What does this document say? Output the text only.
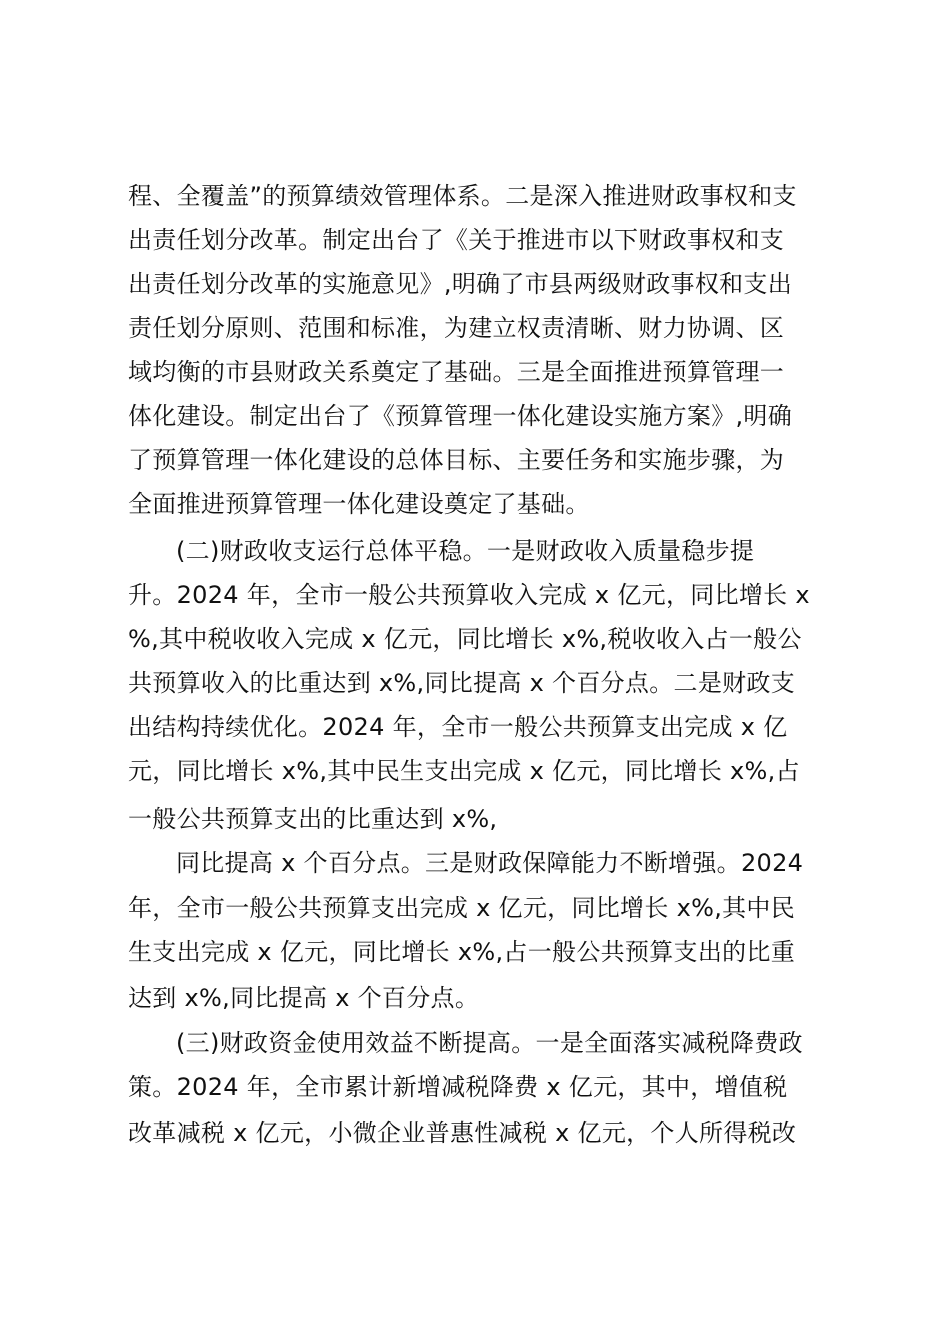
程、全覆盖”的预算绩效管理体系。二是深入推进财政事权和支
出责任划分改革。制定出台了《关于推进市以下财政事权和支
出责任划分改革的实施意见》,明确了市县两级财政事权和支出
责任划分原则、范围和标准，为建立权责清晰、财力协调、区
域均衡的市县财政关系奠定了基础。三是全面推进预算管理一
体化建设。制定出台了《预算管理一体化建设实施方案》,明确
了预算管理一体化建设的总体目标、主要任务和实施步骤，为
全面推进预算管理一体化建设奠定了基础。
(二)财政收支运行总体平稳。一是财政收入质量稳步提
升。2024 年，全市一般公共预算收入完成 x 亿元，同比增长 x
%,其中税收收入完成 x 亿元，同比增长 x%,税收收入占一般公
共预算收入的比重达到 x%,同比提高 x 个百分点。二是财政支
出结构持续优化。2024 年，全市一般公共预算支出完成 x 亿
元，同比增长 x%,其中民生支出完成 x 亿元，同比增长 x%,占
一般公共预算支出的比重达到 x%,
同比提高 x 个百分点。三是财政保障能力不断增强。2024
年，全市一般公共预算支出完成 x 亿元，同比增长 x%,其中民
生支出完成 x 亿元，同比增长 x%,占一般公共预算支出的比重
达到 x%,同比提高 x 个百分点。
(三)财政资金使用效益不断提高。一是全面落实减税降费政
策。2024 年，全市累计新增减税降费 x 亿元，其中，增值税
改革减税 x 亿元，小微企业普惠性减税 x 亿元，个人所得税改
